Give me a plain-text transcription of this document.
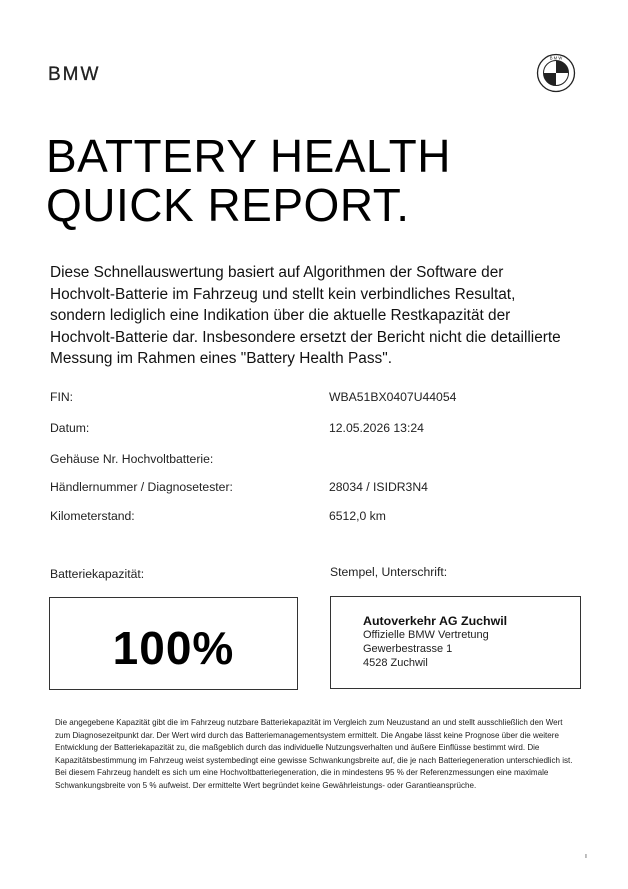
BMW
B M W
BATTERY HEALTH
QUICK REPORT.
Diese Schnellauswertung basiert auf Algorithmen der Software der Hochvolt-Batterie im Fahrzeug und stellt kein verbindliches Resultat, sondern lediglich eine Indikation über die aktuelle Restkapazität der Hochvolt-Batterie dar. Insbesondere ersetzt der Bericht nicht die detaillierte Messung im Rahmen eines "Battery Health Pass".
FIN:	WBA51BX0407U44054
Datum:	12.05.2026 13:24
Gehäuse Nr. Hochvoltbatterie:
Händlernummer / Diagnosetester:	28034 / ISIDR3N4
Kilometerstand:	6512,0 km
Batteriekapazität:	Stempel, Unterschrift:
100%
Autoverkehr AG Zuchwil
Offizielle BMW Vertretung
Gewerbestrasse 1
4528 Zuchwil
Die angegebene Kapazität gibt die im Fahrzeug nutzbare Batteriekapazität im Vergleich zum Neuzustand an und stellt ausschließlich den Wert zum Diagnosezeitpunkt dar. Der Wert wird durch das Batteriemanagementsystem ermittelt. Die Angabe lässt keine Prognose über die weitere Entwicklung der Batteriekapazität zu, die maßgeblich durch das individuelle Nutzungsverhalten und äußere Einflüsse bestimmt wird. Die Kapazitätsbestimmung im Fahrzeug weist systembedingt eine gewisse Schwankungsbreite auf, die je nach Batteriegeneration unterschiedlich ist. Bei diesem Fahrzeug handelt es sich um eine Hochvoltbatteriegeneration, die in mindestens 95 % der Referenzmessungen eine maximale Schwankungsbreite von 5 % aufweist. Der ermittelte Wert begründet keine Gewährleistungs- oder Garantieansprüche.
ı
